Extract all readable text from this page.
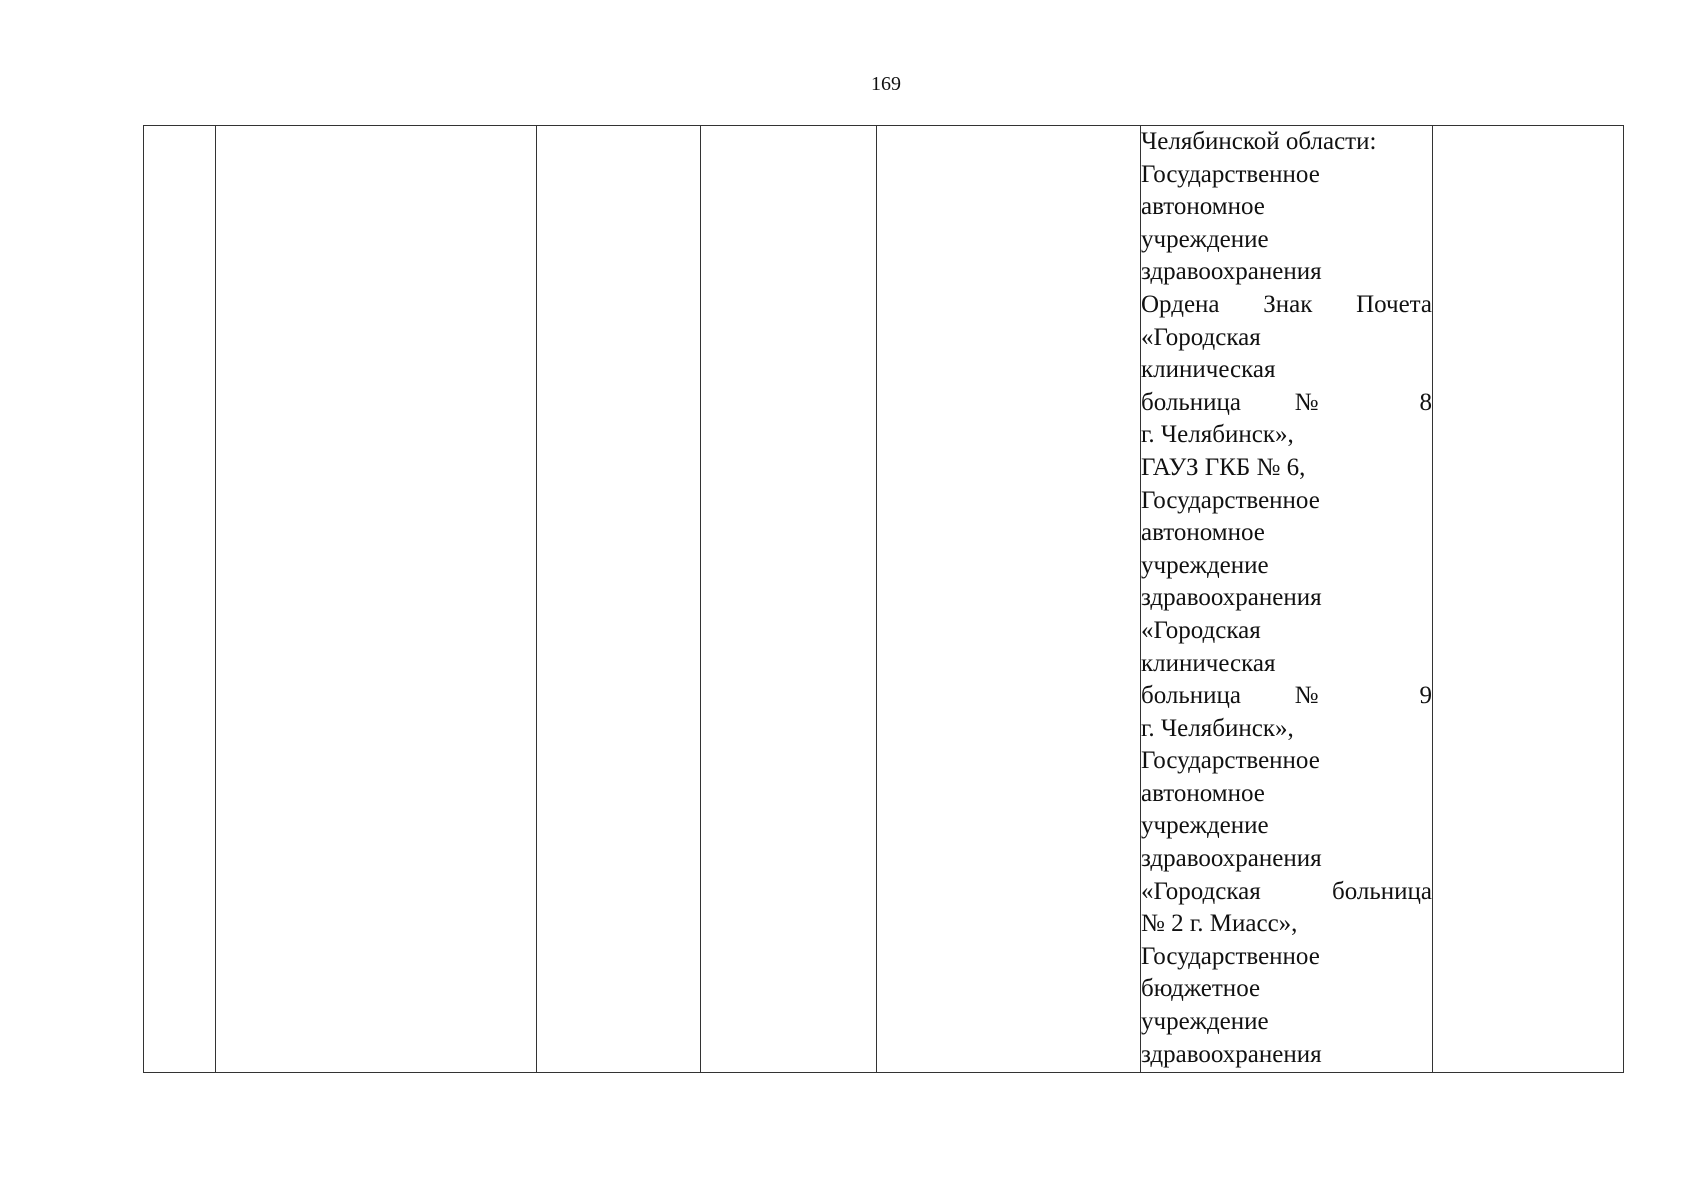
169

Челябинской области:
Государственное
автономное
учреждение
здравоохранения
Ордена Знак Почета
«Городская
клиническая
больница № 8
г. Челябинск»,
ГАУЗ ГКБ № 6,
Государственное
автономное
учреждение
здравоохранения
«Городская
клиническая
больница № 9
г. Челябинск»,
Государственное
автономное
учреждение
здравоохранения
«Городская больница
№ 2 г. Миасс»,
Государственное
бюджетное
учреждение
здравоохранения
